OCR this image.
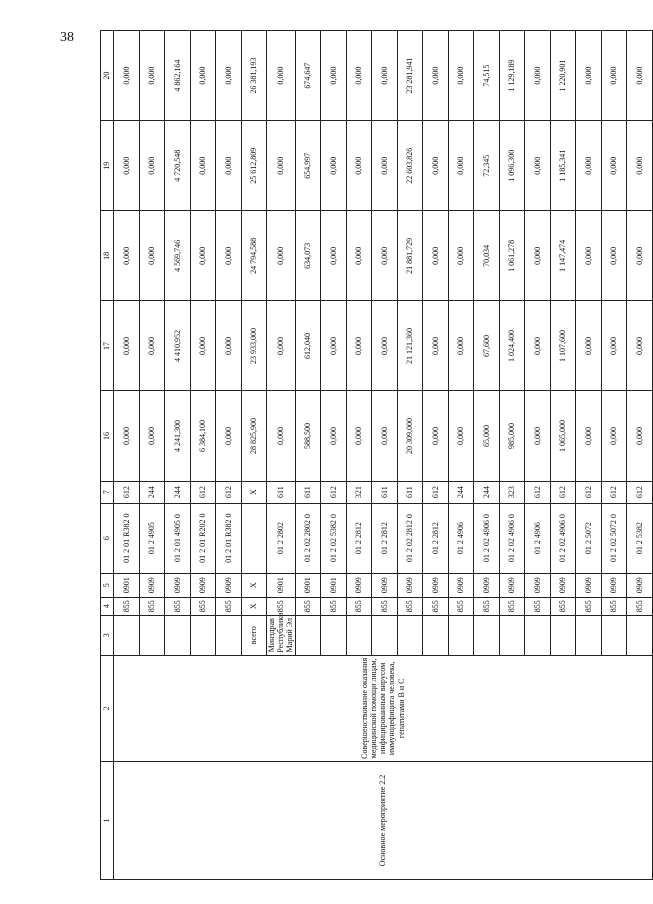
38
1	2	3	4	5	6	7	16	17	18	19	20
Основное мероприятие 2.2	Совершенствование оказания медицинской помощи лицам, инфицированным вирусом иммунодефицита человека, гепатитами В и С		855	0901	01 2 01 R382 0	612	0,000	0,000	0,000	0,000	0,000
			855	0909	01 2 4905	244	0,000	0,000	0,000	0,000	0,000
			855	0909	01 2 01 4905 0	244	4 241,300	4 410,952	4 569,746	4 720,548	4 862,164
			855	0909	01 2 01 R202 0	612	6 384,100	0,000	0,000	0,000	0,000
			855	0909	01 2 01 R382 0	612	0,000	0,000	0,000	0,000	0,000
		всего	X	X		X	28 825,900	23 933,000	24 794,588	25 612,809	26 381,193
		Минздрав Республики Марий Эл	855	0901	01 2 2802	611	0,000	0,000	0,000	0,000	0,000
			855	0901	01 2 02 2802 0	611	588,500	612,040	634,073	654,997	674,647
			855	0901	01 2 02 5382 0	612	0,000	0,000	0,000	0,000	0,000
			855	0909	01 2 2812	321	0,000	0,000	0,000	0,000	0,000
			855	0909	01 2 2812	611	0,000	0,000	0,000	0,000	0,000
			855	0909	01 2 02 2812 0	611	20 309,000	21 121,360	21 881,729	22 603,826	23 281,941
			855	0909	01 2 2812	612	0,000	0,000	0,000	0,000	0,000
			855	0909	01 2 4906	244	0,000	0,000	0,000	0,000	0,000
			855	0909	01 2 02 4906 0	244	65,000	67,600	70,034	72,345	74,515
			855	0909	01 2 02 4906 0	323	985,000	1 024,400	1 061,278	1 096,300	1 129,189
			855	0909	01 2 4906	612	0,000	0,000	0,000	0,000	0,000
			855	0909	01 2 02 4906 0	612	1 065,000	1 107,600	1 147,474	1 185,341	1 220,901
			855	0909	01 2 5072	612	0,000	0,000	0,000	0,000	0,000
			855	0909	01 2 02 5072 0	612	0,000	0,000	0,000	0,000	0,000
			855	0909	01 2 5382	612	0,000	0,000	0,000	0,000	0,000
